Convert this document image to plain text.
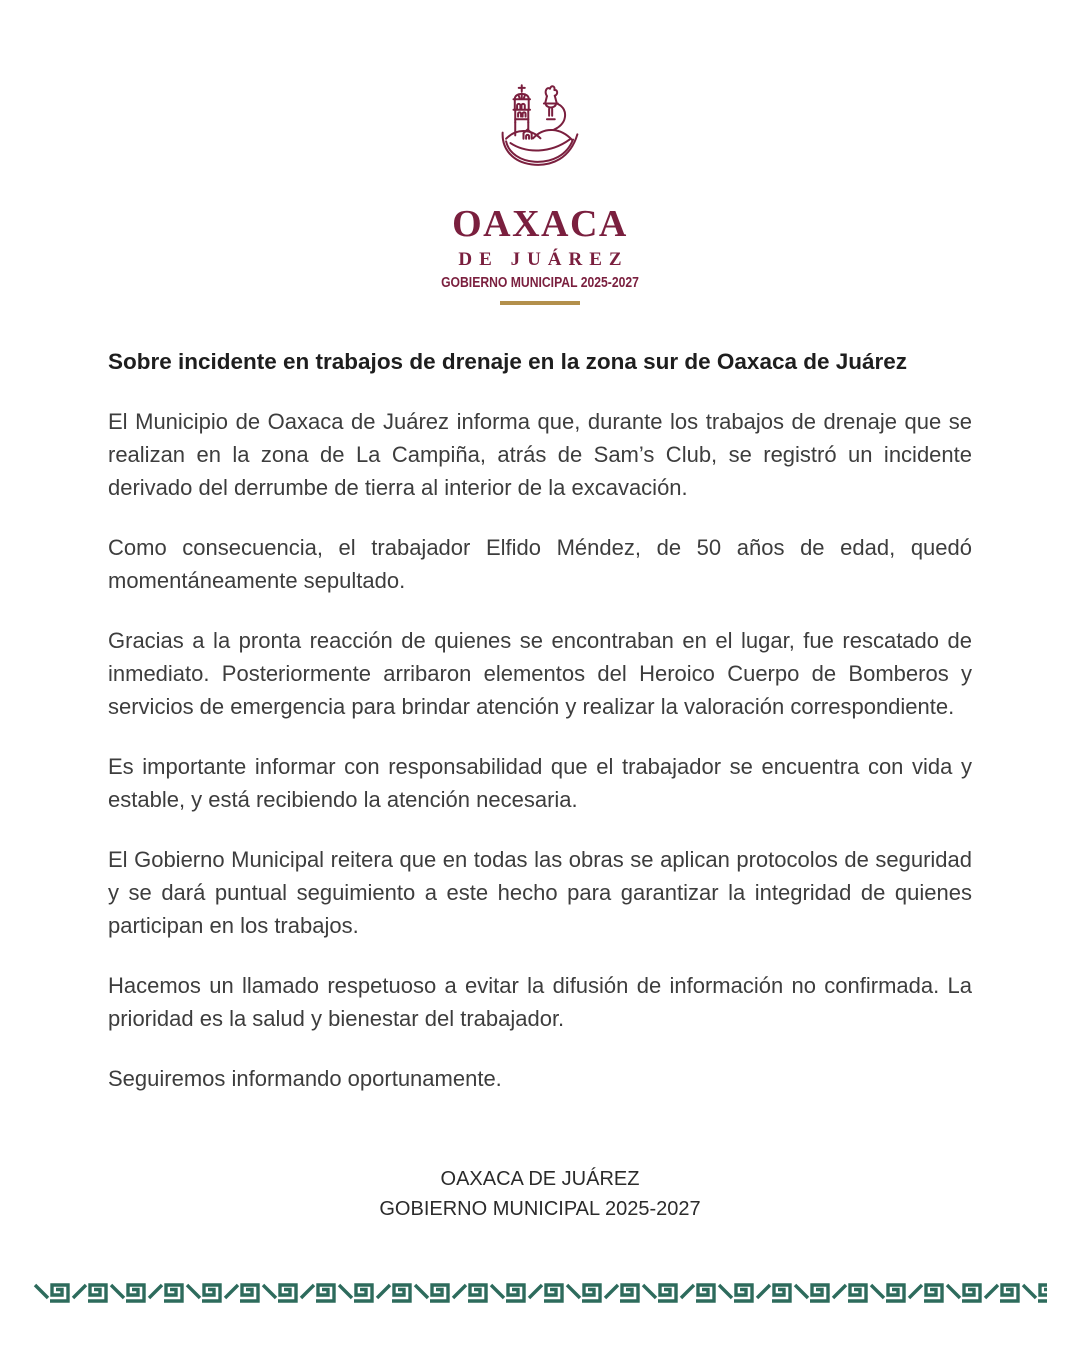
OAXACA
DE JUÁREZ
GOBIERNO MUNICIPAL 2025-2027
Sobre incidente en trabajos de drenaje en la zona sur de Oaxaca de Juárez

El Municipio de Oaxaca de Juárez informa que, durante los trabajos de drenaje que se realizan en la zona de La Campiña, atrás de Sam’s Club, se registró un incidente derivado del derrumbe de tierra al interior de la excavación.

Como consecuencia, el trabajador Elfido Méndez, de 50 años de edad, quedó momentáneamente sepultado.

Gracias a la pronta reacción de quienes se encontraban en el lugar, fue rescatado de inmediato. Posteriormente arribaron elementos del Heroico Cuerpo de Bomberos y servicios de emergencia para brindar atención y realizar la valoración correspondiente.

Es importante informar con responsabilidad que el trabajador se encuentra con vida y estable, y está recibiendo la atención necesaria.

El Gobierno Municipal reitera que en todas las obras se aplican protocolos de seguridad y se dará puntual seguimiento a este hecho para garantizar la integridad de quienes participan en los trabajos.

Hacemos un llamado respetuoso a evitar la difusión de información no confirmada. La prioridad es la salud y bienestar del trabajador.

Seguiremos informando oportunamente.

OAXACA DE JUÁREZ
GOBIERNO MUNICIPAL 2025-2027
